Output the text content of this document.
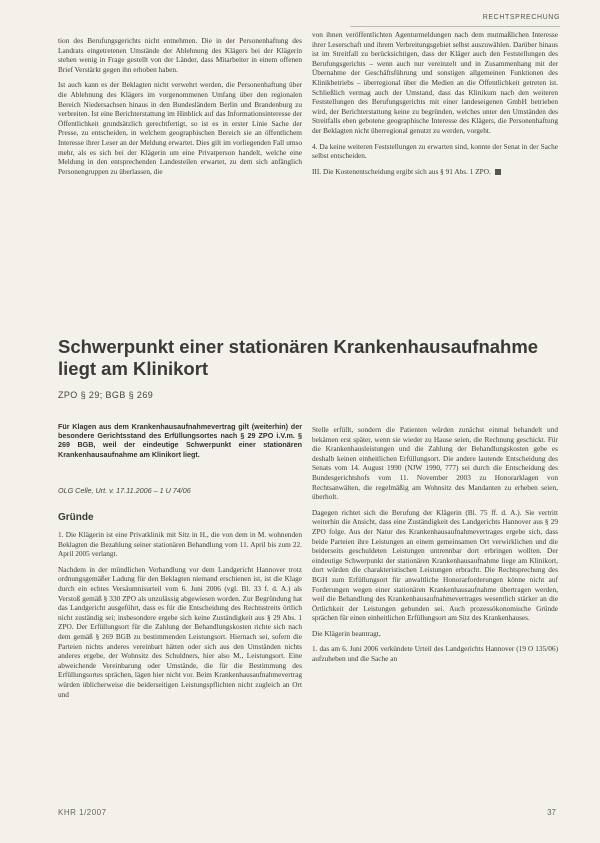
RECHTSPRECHUNG

tion des Berufungsgerichts nicht entnehmen. Die in der Personenhaftung des Landrats eingetretenen Umstände der Ablehnung des Klägers bei der Klägerin stehen wenig in Frage gestellt von der Länder, dass Mitarbeiter in einem offenen Brief Verstärkt gegen ihn erhoben haben.

Ist auch kann es der Beklagten nicht verwehrt werden, die Personenhaftung über die Ablehnung des Klägers im vorgenommenen Umfang über den regionalen Bereich Niedersachsen hinaus in den Bundesländern Berlin und Brandenburg zu verbreiten. Ist eine Berichterstattung im Hinblick auf das Informationsinteresse der Öffentlichkeit grundsätzlich gerechtfertigt, so ist es in erster Linie Sache der Presse, zu entscheiden, in welchem geographischen Bereich sie an öffentlichem Interesse ihrer Leser an der Meldung erwartet. Dies gilt im vorliegenden Fall umso mehr, als es sich bei der Klägerin um eine Privatperson handelt, welche eine Meldung in den entsprechenden Landesteilen erwartet, zu dem sich anfänglich Personengruppen zu überlassen, die

von ihnen veröffentlichten Agenturmeldungen nach dem mutmaßlichen Interesse ihrer Leserschaft und ihrem Verbreitungsgebiet selbst auszuwählen. Darüber hinaus ist im Streitfall zu berücksichtigen, dass der Kläger auch den Feststellungen des Berufungsgerichts – wenn auch nur vereinzelt und in Zusammenhang mit der Übernahme der Geschäftsführung und sonstigen allgemeinen Funktionen des Klinikbetriebs – überregional über die Medien an die Öffentlichkeit getreten ist. Schließlich vermag auch der Umstand, dass das Klinikum nach den weiteren Feststellungen des Berufungsgerichts mit einer landeseigenen GmbH betrieben wird, der Berichterstattung keine zu begründen, welches unter den Umständen des Streitfalls eben gebotene geographische Interesse des Klägers, die Personenhaftung der Beklagten nicht überregional genutzt zu werden, vorgeht.

4. Da keine weiteren Feststellungen zu erwarten sind, konnte der Senat in der Sache selbst entscheiden.

III. Die Kostenentscheidung ergibt sich aus § 91 Abs. 1 ZPO.

Schwerpunkt einer stationären Krankenhausaufnahme liegt am Klinikort
ZPO § 29; BGB § 269

Für Klagen aus dem Krankenhausaufnahmevertrag gilt (weiterhin) der besondere Gerichtsstand des Erfüllungsortes nach § 29 ZPO i.V.m. § 269 BGB, weil der eindeutige Schwerpunkt einer stationären Krankenhausaufnahme am Klinikort liegt.

OLG Celle, Urt. v. 17.11.2006 – 1 U 74/06
Gründe

1. Die Klägerin ist eine Privatklinik mit Sitz in H., die von dem in M. wohnenden Beklagten die Bezahlung seiner stationären Behandlung vom 11. April bis zum 22. April 2005 verlangt.

Nachdem in der mündlichen Verhandlung vor dem Landgericht Hannover trotz ordnungsgemäßer Ladung für den Beklagten niemand erschienen ist, ist die Klage durch ein echtes Versäumnisurteil vom 6. Juni 2006 (vgl. Bl. 33 f. d. A.) als Verstoß gemäß § 330 ZPO als unzulässig abgewiesen worden. Zur Begründung hat das Landgericht ausgeführt, dass es für die Entscheidung des Rechtsstreits örtlich nicht zuständig sei; insbesondere ergebe sich keine Zuständigkeit aus § 29 Abs. 1 ZPO. Der Erfüllungsort für die Zahlung der Behandlungskosten richte sich nach dem gemäß § 269 BGB zu bestimmenden Leistungsort. Hiernach sei, sofern die Parteien nichts anderes vereinbart hätten oder sich aus den Umständen nichts anderes ergebe, der Wohnsitz des Schuldners, hier also M., Leistungsort. Eine abweichende Vereinbarung oder Umstände, die für die Bestimmung des Erfüllungsortes sprächen, lägen hier nicht vor. Beim Krankenhausaufnahmevertrag würden üblicherweise die beiderseitigen Leistungspflichten nicht zugleich an Ort und

Stelle erfüllt, sondern die Patienten würden zunächst einmal behandelt und bekämen erst später, wenn sie wieder zu Hause seien, die Rechnung geschickt. Für die Krankenhausleistungen und die Zahlung der Behandlungskosten gebe es deshalb keinen einheitlichen Erfüllungsort. Die andere lautende Entscheidung des Senats vom 14. August 1990 (NJW 1990, 777) sei durch die Entscheidung des Bundesgerichtshofs vom 11. November 2003 zu Honorarklagen von Rechtsanwälten, die regelmäßig am Wohnsitz des Mandanten zu erheben seien, überholt.

Dagegen richtet sich die Berufung der Klägerin (Bl. 75 ff. d. A.). Sie vertritt weiterhin die Ansicht, dass eine Zuständigkeit des Landgerichts Hannover aus § 29 ZPO folge. Aus der Natur des Krankenhausaufnahmevertrages ergebe sich, dass beide Parteien ihre Leistungen an einem gemeinsamen Ort verwirklichen und die beiderseits geschuldeten Leistungen untrennbar dort erbringen wollten. Der eindeutige Schwerpunkt der stationären Krankenhausaufnahme liege am Klinikort, dort würden die charakteristischen Leistungen erbracht. Die Rechtsprechung des BGH zum Erfüllungsort für anwaltliche Honorarforderungen könne nicht auf Forderungen wegen einer stationären Krankenhausaufnahme übertragen werden, weil die Behandlung des Krankenhausaufnahmevertrages wesentlich stärker an die Örtlichkeit der Leistungen gebunden sei. Auch prozessökonomische Gründe sprächen für einen einheitlichen Erfüllungsort am Sitz des Krankenhauses.

Die Klägerin beantragt,

1. das am 6. Juni 2006 verkündete Urteil des Landgerichts Hannover (19 O 135/06) aufzuheben und die Sache an

KHR 1/2007	37
